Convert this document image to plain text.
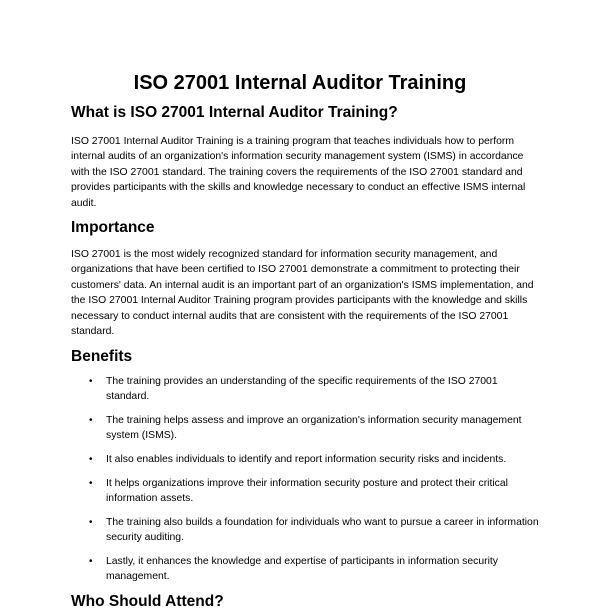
ISO 27001 Internal Auditor Training
What is ISO 27001 Internal Auditor Training?

ISO 27001 Internal Auditor Training is a training program that teaches individuals how to perform internal audits of an organization's information security management system (ISMS) in accordance with the ISO 27001 standard. The training covers the requirements of the ISO 27001 standard and provides participants with the skills and knowledge necessary to conduct an effective ISMS internal audit.

Importance

ISO 27001 is the most widely recognized standard for information security management, and organizations that have been certified to ISO 27001 demonstrate a commitment to protecting their customers' data. An internal audit is an important part of an organization's ISMS implementation, and the ISO 27001 Internal Auditor Training program provides participants with the knowledge and skills necessary to conduct internal audits that are consistent with the requirements of the ISO 27001 standard.

Benefits
• The training provides an understanding of the specific requirements of the ISO 27001 standard.
• The training helps assess and improve an organization's information security management system (ISMS).
• It also enables individuals to identify and report information security risks and incidents.
• It helps organizations improve their information security posture and protect their critical information assets.
• The training also builds a foundation for individuals who want to pursue a career in information security auditing.
• Lastly, it enhances the knowledge and expertise of participants in information security management.
Who Should Attend?
